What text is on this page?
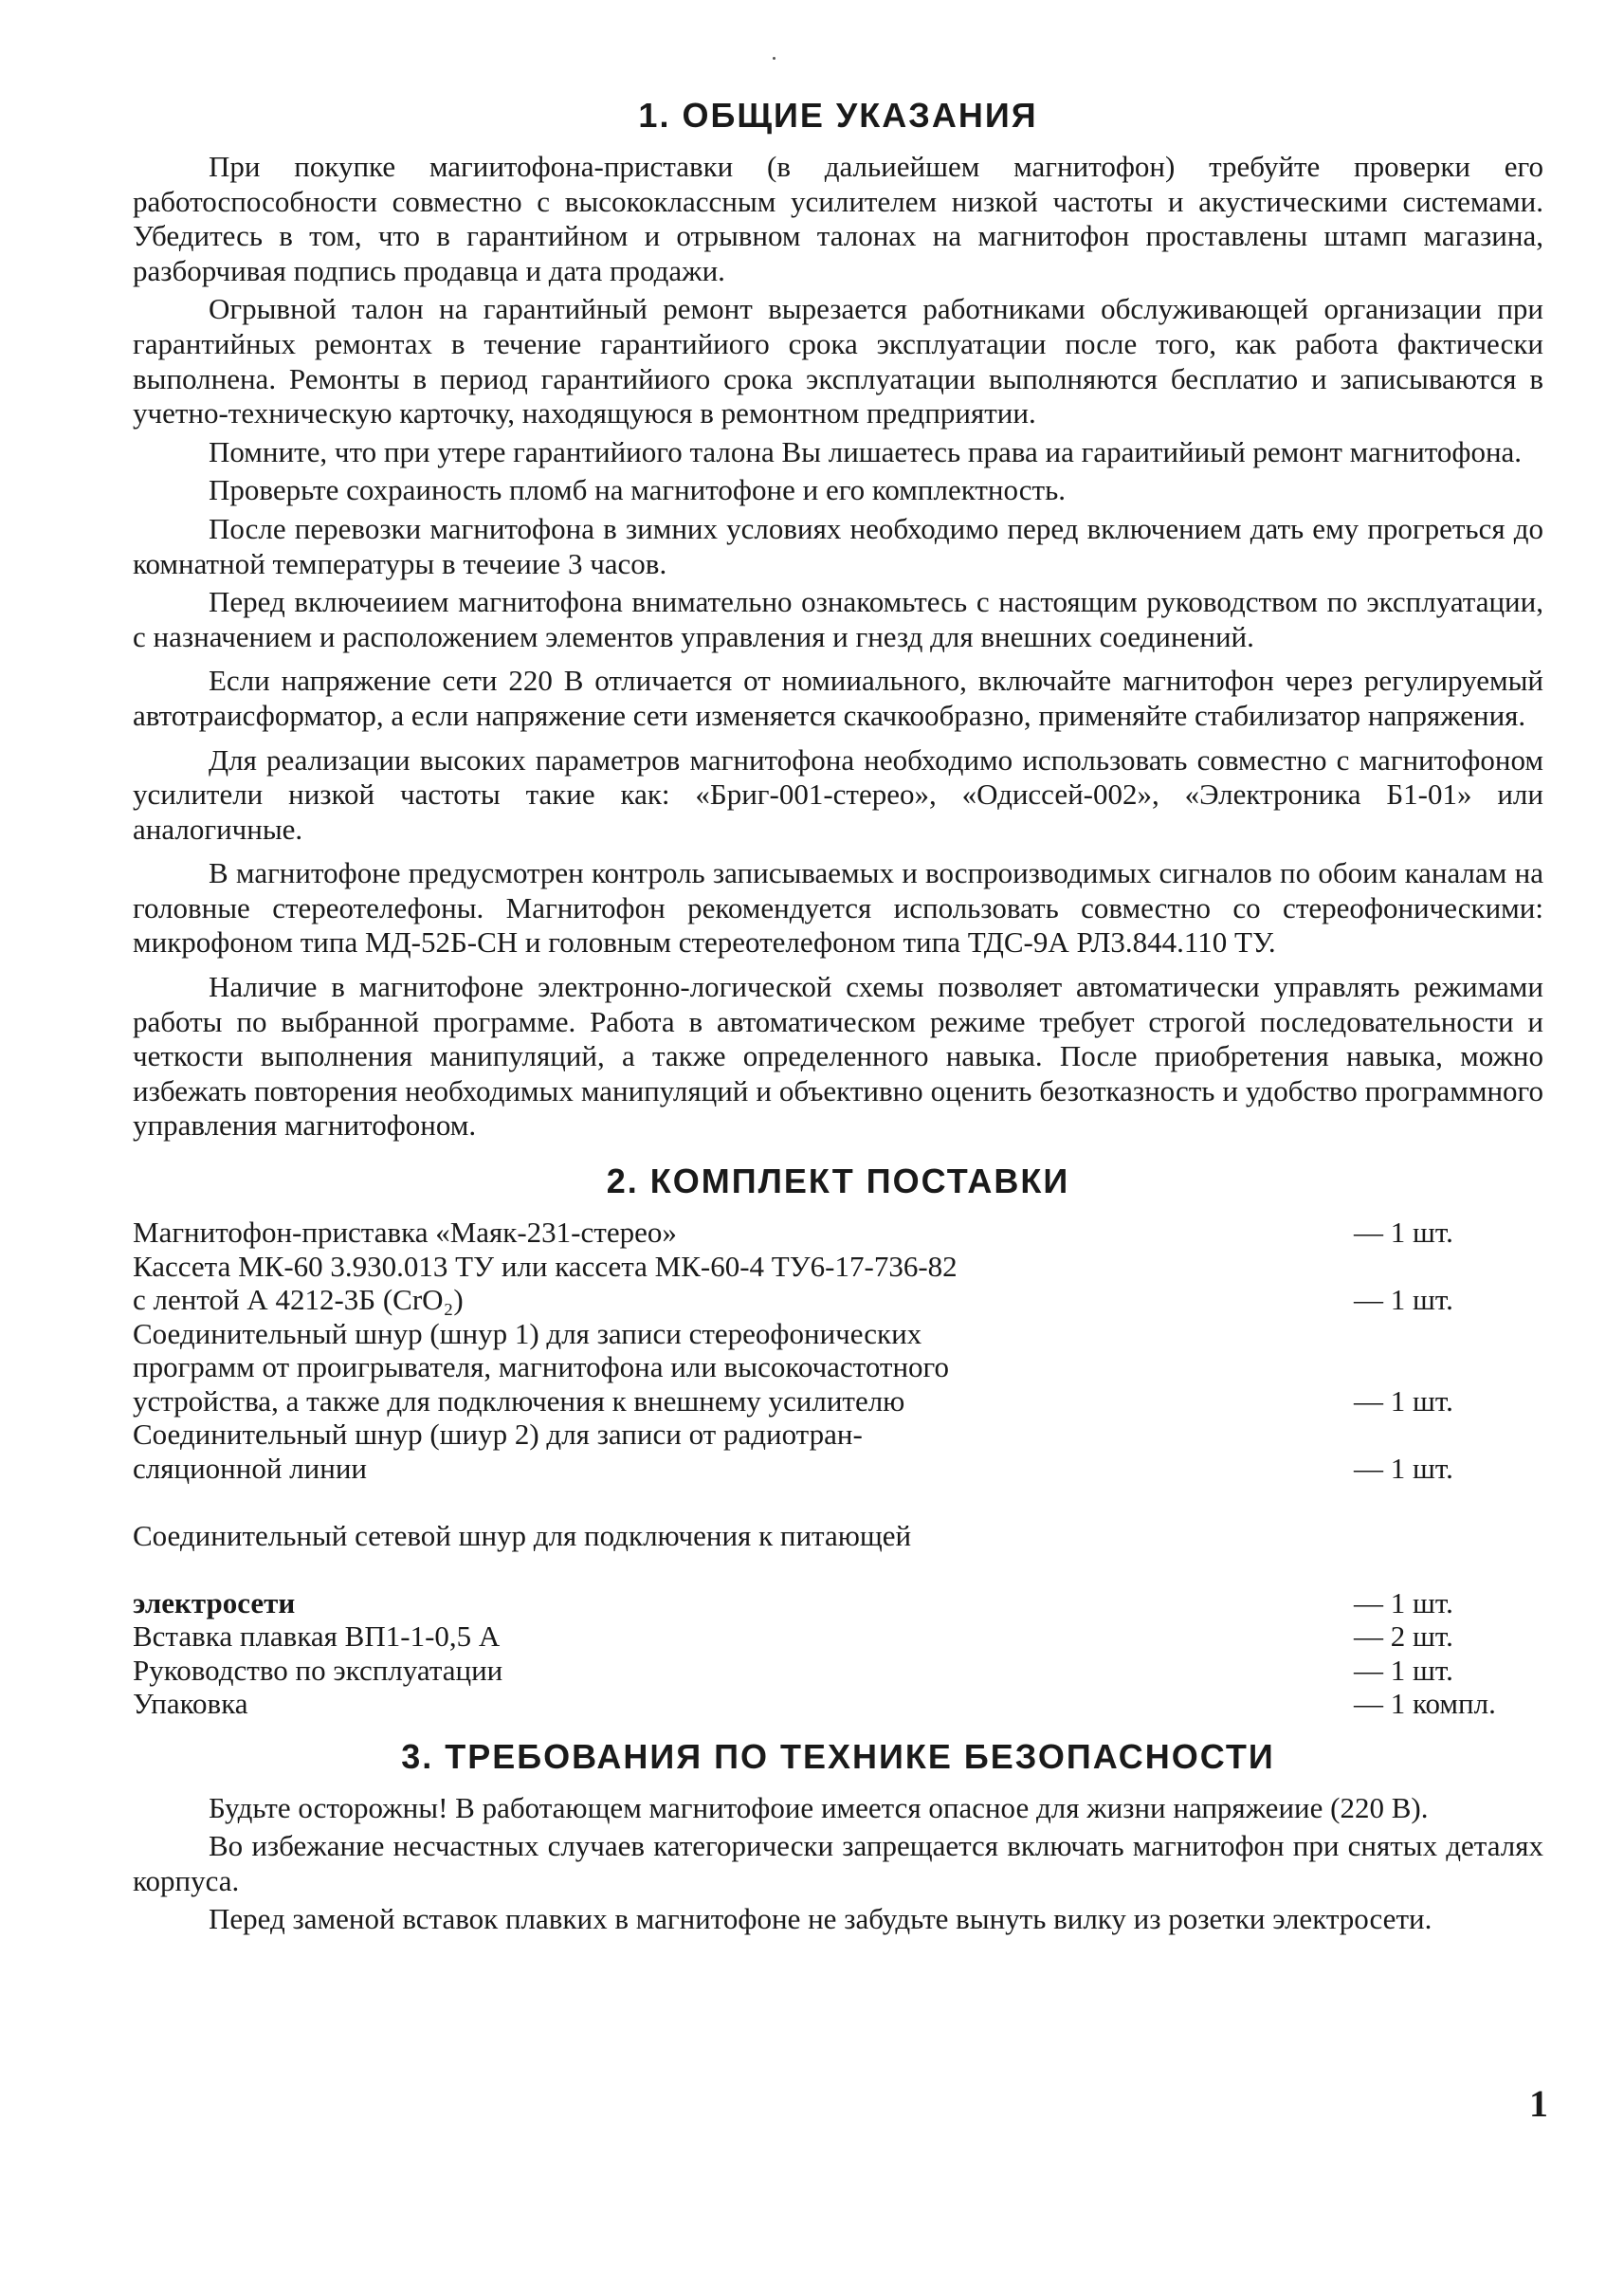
1. ОБЩИЕ УКАЗАНИЯ

При покупке магиитофона-приставки (в дальиейшем магнитофон) требуйте проверки его работоспособности совместно с высококлассным усилителем низкой частоты и акустическими системами. Убедитесь в том, что в гарантийном и отрывном талонах на магнитофон проставлены штамп магазина, разборчивая подпись продавца и дата продажи.

Огрывной талон на гарантийный ремонт вырезается работниками обслуживающей организации при гарантийных ремонтах в течение гарантийиого срока эксплуатации после того, как работа фактически выполнена. Ремонты в период гарантийиого срока эксплуатации выполняются бесплатио и записываются в учетно-техническую карточку, находящуюся в ремонтном предприятии.

Помните, что при утере гарантийиого талона Вы лишаетесь права иа гараитийиый ремонт магнитофона.

Проверьте сохраиность пломб на магнитофоне и его комплектность.

После перевозки магнитофона в зимних условиях необходимо перед включением дать ему прогреться до комнатной температуры в течеиие 3 часов.

Перед включеиием магнитофона внимательно ознакомьтесь с настоящим руководством по эксплуатации, с назначением и расположением элементов управления и гнезд для внешних соединений.

Если напряжение сети 220 В отличается от номииального, включайте магнитофон через регулируемый автотраисформатор, а если напряжение сети изменяется скачкообразно, применяйте стабилизатор напряжения.

Для реализации высоких параметров магнитофона необходимо использовать совместно с магнитофоном усилители низкой частоты такие как: «Бриг-001-стерео», «Одиссей-002», «Электроника Б1-01» или аналогичные.

В магнитофоне предусмотрен контроль записываемых и воспроизводимых сигналов по обоим каналам на головные стереотелефоны. Магнитофон рекомендуется использовать совместно со стереофоническими: микрофоном типа МД-52Б-СН и головным стереотелефоном типа ТДС-9А РЛ3.844.110 ТУ.

Наличие в магнитофоне электронно-логической схемы позволяет автоматически управлять режимами работы по выбранной программе. Работа в автоматическом режиме требует строгой последовательности и четкости выполнения манипуляций, а также определенного навыка. После приобретения навыка, можно избежать повторения необходимых манипуляций и объективно оценить безотказность и удобство программного управления магнитофоном.

2. КОМПЛЕКТ ПОСТАВКИ
Магнитофон-приставка «Маяк-231-стерео»	— 1 шт.
Кассета МК-60 3.930.013 ТУ или кассета МК-60-4 ТУ6-17-736-82
с лентой А 4212-3Б (CrO₂)	— 1 шт.
Соединительный шнур (шнур 1) для записи стереофонических
программ от проигрывателя, магнитофона или высокочастотного
устройства, а также для подключения к внешнему усилителю	— 1 шт.
Соединительный шнур (шиур 2) для записи от радиотран-
сляционной линии	— 1 шт.

Соединительный сетевой шнур для подключения к питающей

электросети	— 1 шт.
Вставка плавкая ВП1-1-0,5 А	— 2 шт.
Руководство по эксплуатации	— 1 шт.
Упаковка	— 1 компл.
3. ТРЕБОВАНИЯ ПО ТЕХНИКЕ БЕЗОПАСНОСТИ

Будьте осторожны! В работающем магнитофоие имеется опасное для жизни напряжеиие (220 В).

Во избежание несчастных случаев категорически запрещается включать магнитофон при снятых деталях корпуса.

Перед заменой вставок плавких в магнитофоне не забудьте вынуть вилку из розетки электросети.

1
